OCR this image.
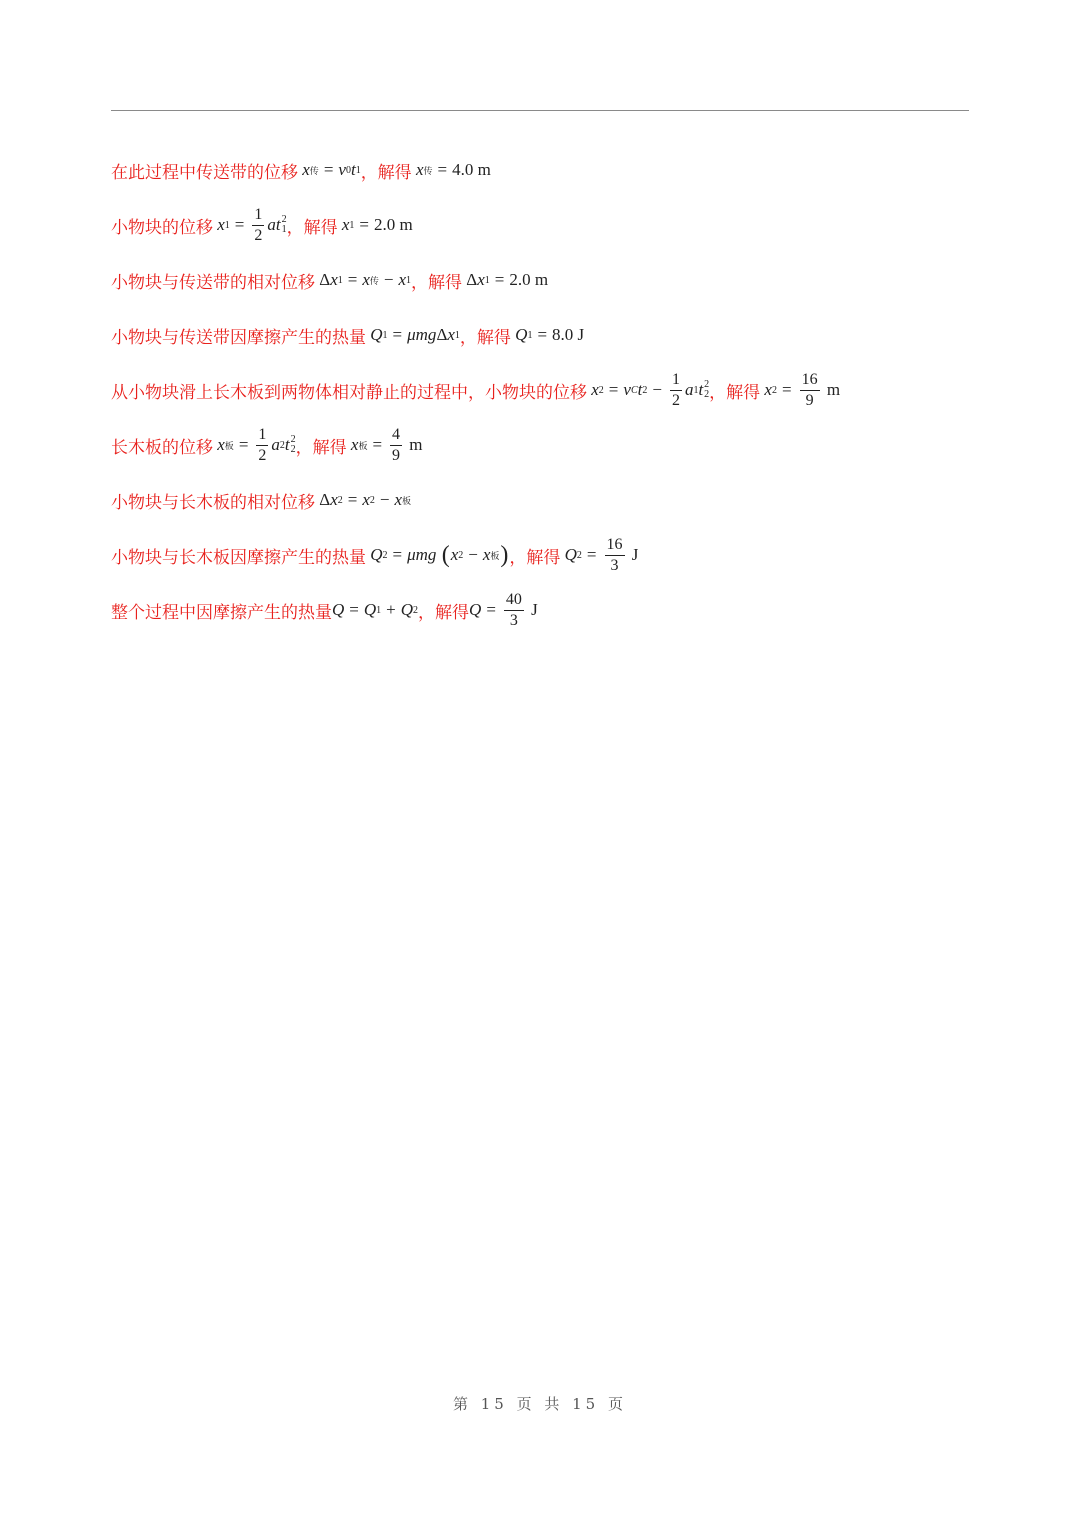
在此过程中传送带的位移
x 传 = v 0 t 1 ，解得
x 传 = 4.0 m
小物块的位移
x $1 = \frac{1}{2}$ at 2
1 ，解得
x 1 = 2.0 m
小物块与传送带的相对位移 Δ x 1 = x 传 − x 1 ，解得 Δ x 1 = 2.0 m
小物块与传送带因摩擦产生的热量
Q 1 = μmg Δ x 1 ，解得
Q 1 = 8.0 J
从小物块滑上长木板到两物体相对静止的过程中，小物块的位移
x 2 = v C t $2 - \frac{1}{2}$ a 1 t 2
2 ，解得
x $2 = \frac{16}{9}$
m
长木板的位移
x 板 = $\frac{1}{2}$ a 2 t 2
2 ，解得
x 板 = $\frac{4}{9}$
m
小物块与长木板的相对位移 Δ x 2 = x 2 − x 板
小物块与长木板因摩擦产生的热量
Q 2 = μmg
( x 2 − x 板 ) ，解得
Q $2 = \frac{16}{3}$
J
整个过程中因摩擦产生的热量 Q = Q 1 + Q 2 ，解得 $Q = \frac{40}{3}$
J
第 15 页 共 15 页
